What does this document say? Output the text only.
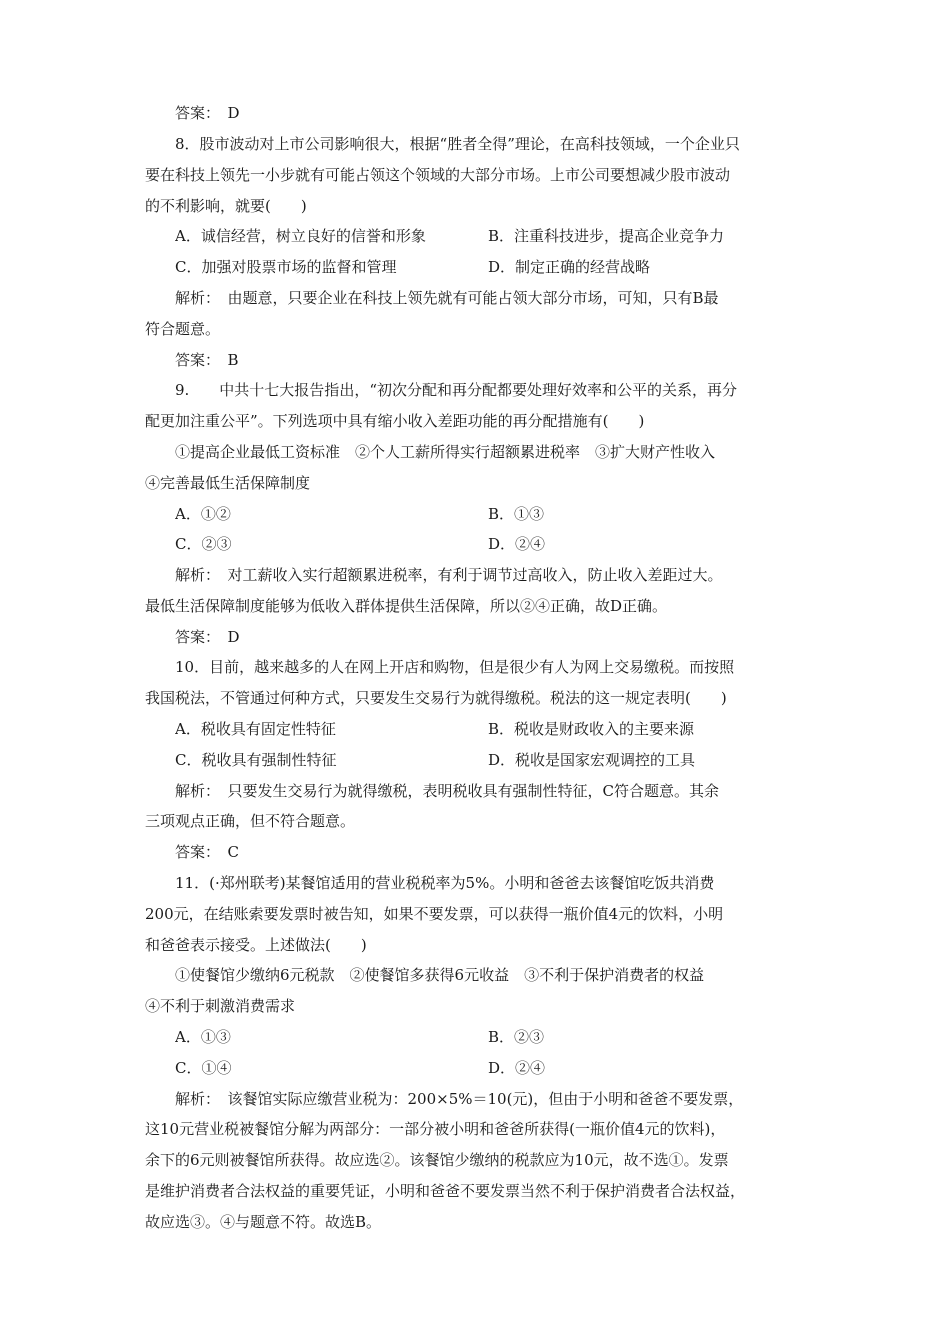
答案：　D
8．股市波动对上市公司影响很大，根据“胜者全得”理论，在高科技领域，一个企业只
要在科技上领先一小步就有可能占领这个领域的大部分市场。上市公司要想减少股市波动
的不利影响，就要(　　)
A．诚信经营，树立良好的信誉和形象	B．注重科技进步，提高企业竞争力
C．加强对股票市场的监督和管理	D．制定正确的经营战略
解析：　由题意，只要企业在科技上领先就有可能占领大部分市场，可知，只有B最
符合题意。
答案：　B
9.　　中共十七大报告指出，“初次分配和再分配都要处理好效率和公平的关系，再分
配更加注重公平”。下列选项中具有缩小收入差距功能的再分配措施有(　　)
①提高企业最低工资标准　②个人工薪所得实行超额累进税率　③扩大财产性收入
④完善最低生活保障制度
A．①②	B．①③
C．②③	D．②④
解析：　对工薪收入实行超额累进税率，有利于调节过高收入，防止收入差距过大。
最低生活保障制度能够为低收入群体提供生活保障，所以②④正确，故D正确。
答案：　D
10．目前，越来越多的人在网上开店和购物，但是很少有人为网上交易缴税。而按照
我国税法，不管通过何种方式，只要发生交易行为就得缴税。税法的这一规定表明(　　)
A．税收具有固定性特征	B．税收是财政收入的主要来源
C．税收具有强制性特征	D．税收是国家宏观调控的工具
解析：　只要发生交易行为就得缴税，表明税收具有强制性特征，C符合题意。其余
三项观点正确，但不符合题意。
答案：　C
11．(·郑州联考)某餐馆适用的营业税税率为5%。小明和爸爸去该餐馆吃饭共消费
200元，在结账索要发票时被告知，如果不要发票，可以获得一瓶价值4元的饮料，小明
和爸爸表示接受。上述做法(　　)
①使餐馆少缴纳6元税款　②使餐馆多获得6元收益　③不利于保护消费者的权益
④不利于刺激消费需求
A．①③	B．②③
C．①④	D．②④
解析：　该餐馆实际应缴营业税为：200×5%＝10(元)，但由于小明和爸爸不要发票，
这10元营业税被餐馆分解为两部分：一部分被小明和爸爸所获得(一瓶价值4元的饮料)，
余下的6元则被餐馆所获得。故应选②。该餐馆少缴纳的税款应为10元，故不选①。发票
是维护消费者合法权益的重要凭证，小明和爸爸不要发票当然不利于保护消费者合法权益，
故应选③。④与题意不符。故选B。
